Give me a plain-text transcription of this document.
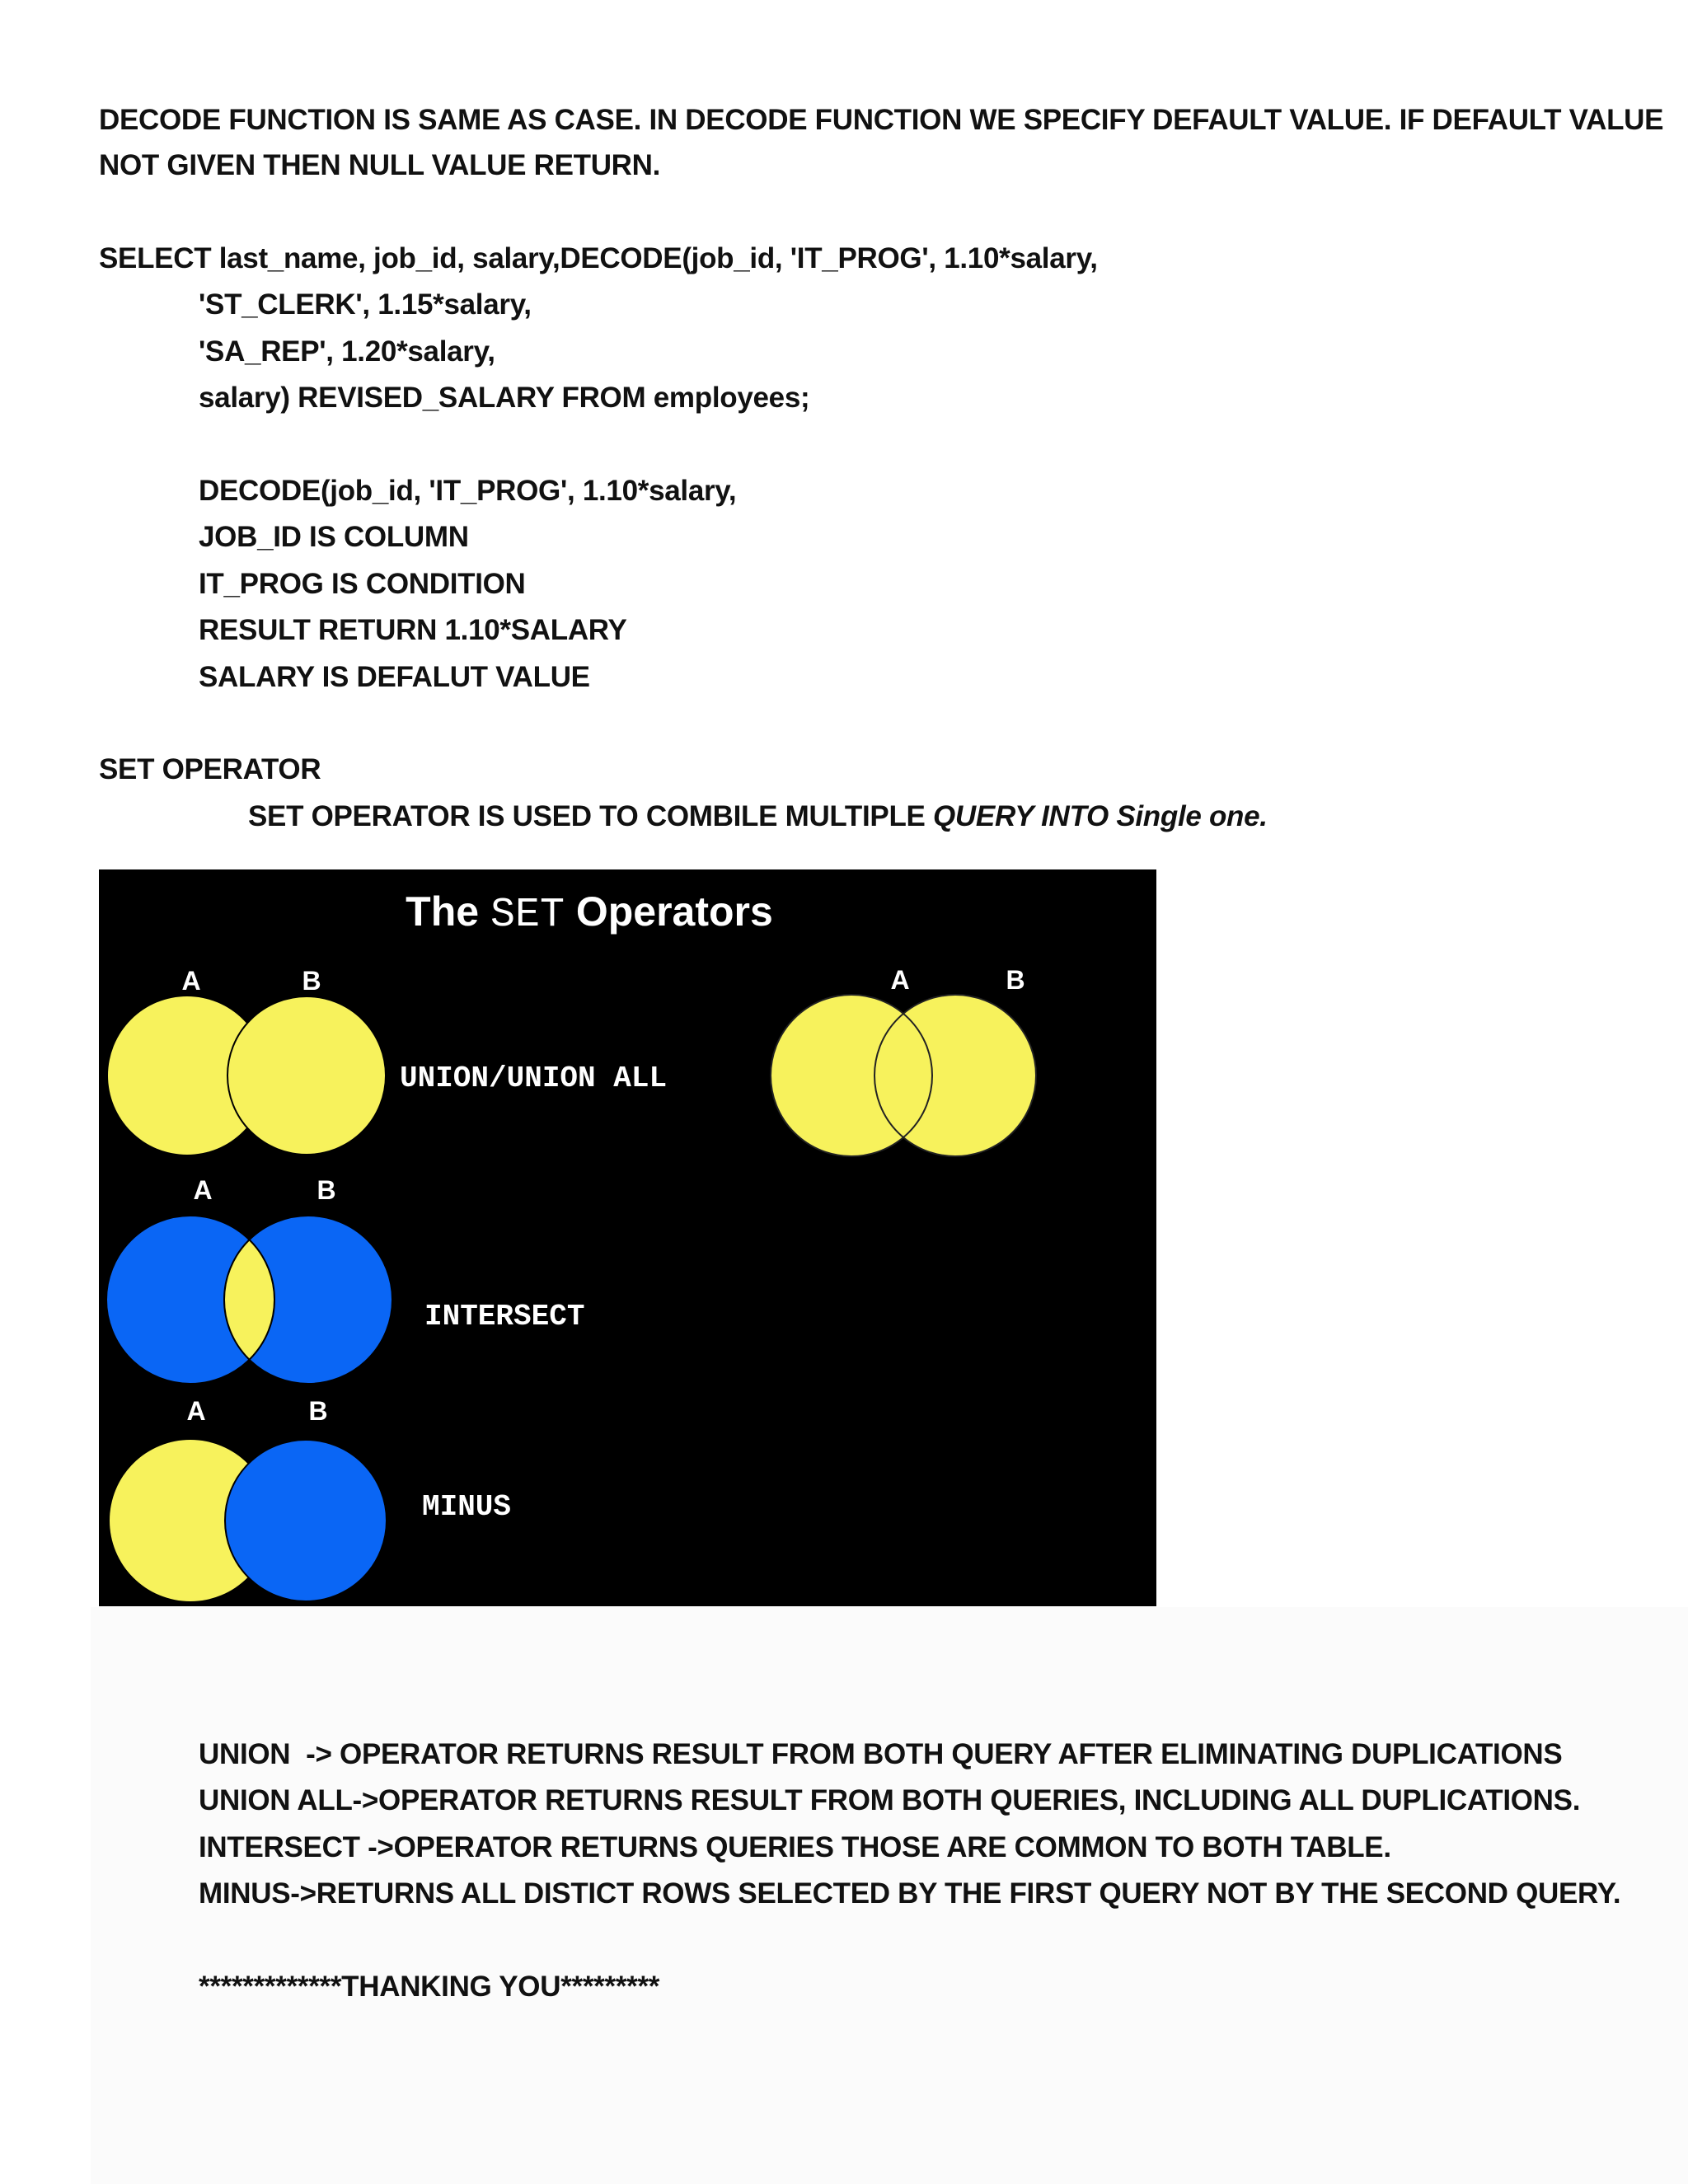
DECODE FUNCTION IS SAME AS CASE. IN DECODE FUNCTION WE SPECIFY DEFAULT VALUE. IF DEFAULT VALUE
NOT GIVEN THEN NULL VALUE RETURN.
SELECT last_name, job_id, salary,DECODE(job_id, 'IT_PROG', 1.10*salary,
'ST_CLERK', 1.15*salary,
'SA_REP', 1.20*salary,
salary) REVISED_SALARY FROM employees;
DECODE(job_id, 'IT_PROG', 1.10*salary,
JOB_ID IS COLUMN
IT_PROG IS CONDITION
RESULT RETURN 1.10*SALARY
SALARY IS DEFALUT VALUE
SET OPERATOR
SET OPERATOR IS USED TO COMBILE MULTIPLE QUERY INTO Single one.
The SET Operators
A	B
UNION/UNION ALL
A	B
A	B
INTERSECT
A	B
MINUS
UNION  -> OPERATOR RETURNS RESULT FROM BOTH QUERY AFTER ELIMINATING DUPLICATIONS
UNION ALL->OPERATOR RETURNS RESULT FROM BOTH QUERIES, INCLUDING ALL DUPLICATIONS.
INTERSECT ->OPERATOR RETURNS QUERIES THOSE ARE COMMON TO BOTH TABLE.
MINUS->RETURNS ALL DISTICT ROWS SELECTED BY THE FIRST QUERY NOT BY THE SECOND QUERY.
*************THANKING YOU*********
